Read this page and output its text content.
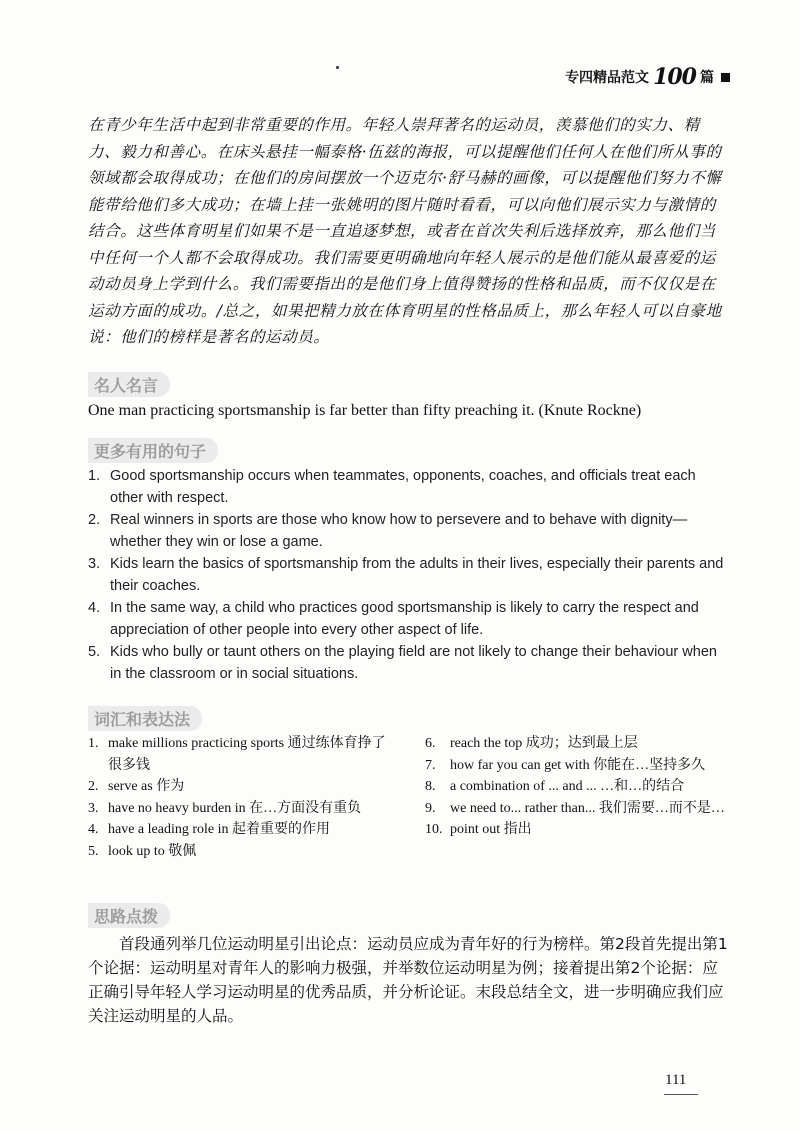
专四精品范文 100 篇
在青少年生活中起到非常重要的作用。年轻人崇拜著名的运动员，羡慕他们的实力、精力、毅力和善心。在床头悬挂一幅泰格·伍兹的海报，可以提醒他们任何人在他们所从事的领域都会取得成功；在他们的房间摆放一个迈克尔·舒马赫的画像，可以提醒他们努力不懈能带给他们多大成功；在墙上挂一张姚明的图片随时看看，可以向他们展示实力与激情的结合。这些体育明星们如果不是一直追逐梦想，或者在首次失利后选择放弃，那么他们当中任何一个人都不会取得成功。我们需要更明确地向年轻人展示的是他们能从最喜爱的运动动员身上学到什么。我们需要指出的是他们身上值得赞扬的性格和品质，而不仅仅是在运动方面的成功。/总之，如果把精力放在体育明星的性格品质上，那么年轻人可以自豪地说：他们的榜样是著名的运动员。
名人名言
One man practicing sportsmanship is far better than fifty preaching it. (Knute Rockne)
更多有用的句子
1. Good sportsmanship occurs when teammates, opponents, coaches, and officials treat each other with respect.
2. Real winners in sports are those who know how to persevere and to behave with dignity—whether they win or lose a game.
3. Kids learn the basics of sportsmanship from the adults in their lives, especially their parents and their coaches.
4. In the same way, a child who practices good sportsmanship is likely to carry the respect and appreciation of other people into every other aspect of life.
5. Kids who bully or taunt others on the playing field are not likely to change their behaviour when in the classroom or in social situations.
词汇和表达法
1. make millions practicing sports 通过练体育挣了很多钱
2. serve as 作为
3. have no heavy burden in 在…方面没有重负
4. have a leading role in 起着重要的作用
5. look up to 敬佩
6. reach the top 成功；达到最上层
7. how far you can get with 你能在…坚持多久
8. a combination of ... and ... …和…的结合
9. we need to... rather than... 我们需要…而不是…
10. point out 指出
思路点拨

首段通列举几位运动明星引出论点：运动员应成为青年好的行为榜样。第2段首先提出第1个论据：运动明星对青年人的影响力极强，并举数位运动明星为例；接着提出第2个论据：应正确引导年轻人学习运动明星的优秀品质，并分析论证。末段总结全文，进一步明确应我们应关注运动明星的人品。

111
